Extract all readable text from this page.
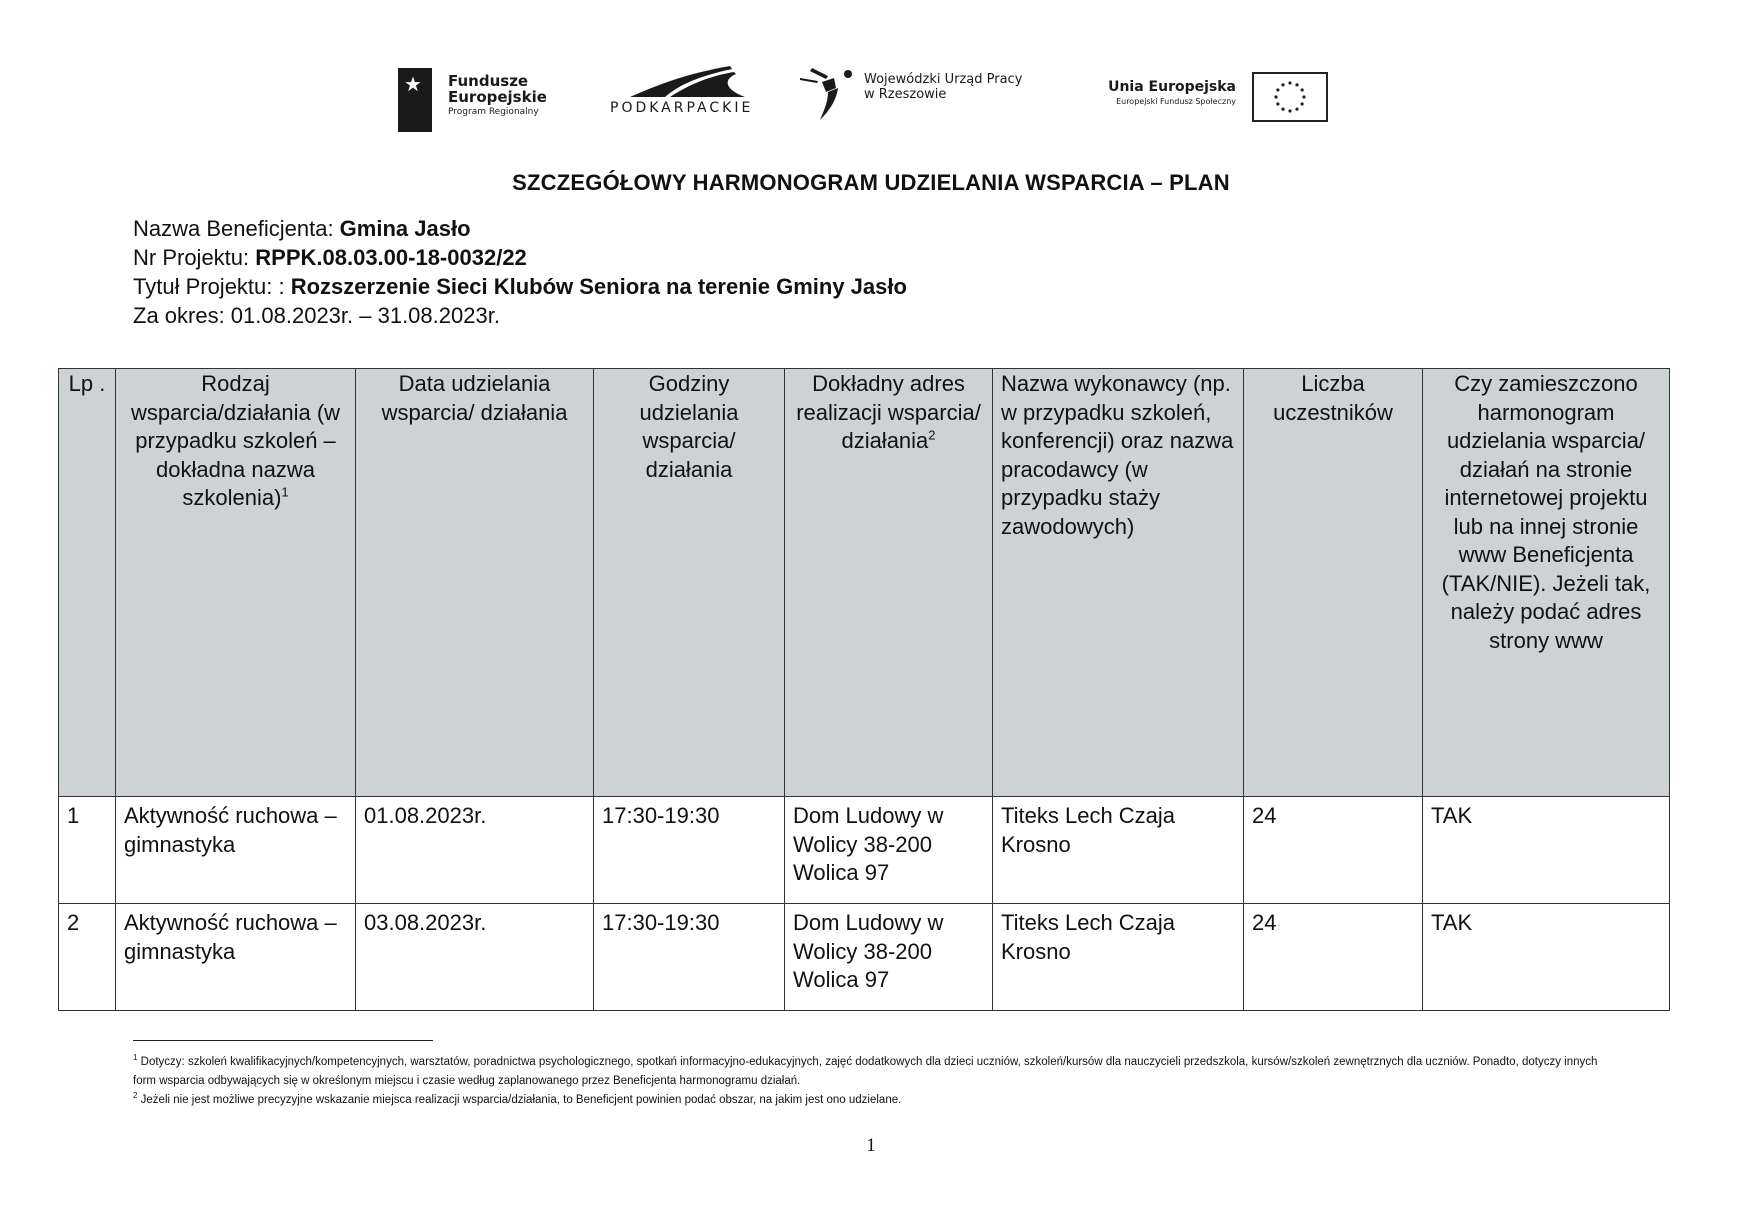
★ Fundusze
Europejskie
Program Regionalny	PODKARPACKIE
Wojewódzki Urząd Pracy
w Rzeszowie	Unia Europejska
Europejski Fundusz Społeczny
SZCZEGÓŁOWY HARMONOGRAM UDZIELANIA WSPARCIA – PLAN
Nazwa Beneficjenta: Gmina Jasło
Nr Projektu: RPPK.08.03.00-18-0032/22
Tytuł Projektu: : Rozszerzenie Sieci Klubów Seniora na terenie Gminy Jasło
Za okres: 01.08.2023r. – 31.08.2023r.
Lp .	Rodzaj wsparcia/działania (w przypadku szkoleń – dokładna nazwa szkolenia)$^1$	Data udzielania wsparcia/ działania	Godziny udzielania wsparcia/ działania	Dokładny adres realizacji wsparcia/ działania$^2$	Nazwa wykonawcy (np. w przypadku szkoleń, konferencji) oraz nazwa pracodawcy (w przypadku staży zawodowych)	Liczba uczestników	Czy zamieszczono harmonogram udzielania wsparcia/ działań na stronie internetowej projektu lub na innej stronie www Beneficjenta (TAK/NIE). Jeżeli tak, należy podać adres strony www
1	Aktywność ruchowa – gimnastyka	01.08.2023r.	17:30-19:30	Dom Ludowy w Wolicy 38-200 Wolica 97	Titeks Lech Czaja Krosno	24	TAK
2	Aktywność ruchowa – gimnastyka	03.08.2023r.	17:30-19:30	Dom Ludowy w Wolicy 38-200 Wolica 97	Titeks Lech Czaja Krosno	24	TAK

$^1$ Dotyczy: szkoleń kwalifikacyjnych/kompetencyjnych, warsztatów, poradnictwa psychologicznego, spotkań informacyjno-edukacyjnych, zajęć dodatkowych dla dzieci uczniów, szkoleń/kursów dla nauczycieli przedszkola, kursów/szkoleń zewnętrznych dla uczniów. Ponadto, dotyczy innych form wsparcia odbywających się w określonym miejscu i czasie według zaplanowanego przez Beneficjenta harmonogramu działań.

$^2$ Jeżeli nie jest możliwe precyzyjne wskazanie miejsca realizacji wsparcia/działania, to Beneficjent powinien podać obszar, na jakim jest ono udzielane.

1
